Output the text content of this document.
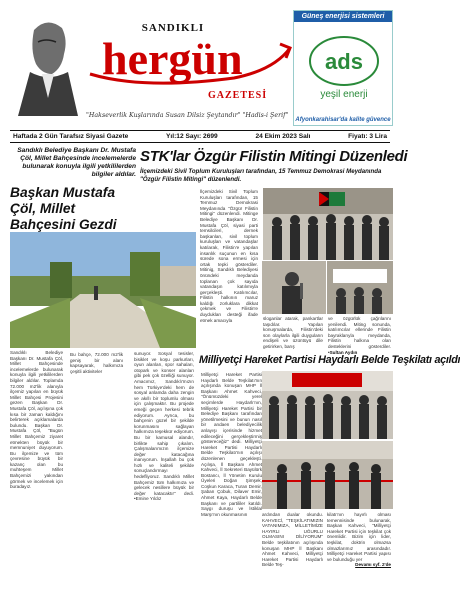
SANDIKLI
hergün
GAZETESİ
"Hakseverlik Kuşlarında Susan Dilsiz Şeytandır" "Hadis-i Şerif"
Güneş enerjisi sistemleri
ads
yeşil enerji
Afyonkarahisar'da kalite güvence
Haftada 2 Gün Tarafsız Siyasi Gazete	Yıl:12 Sayı: 2699	24 Ekim 2023 Salı	Fiyatı: 3 Lira
Sandıklı Belediye Başkanı Dr. Mustafa Çöl, Millet Bahçesinde incelemelerde bulunarak konuyla ilgili yetkililerden bilgiler aldılar.
Başkan Mustafa Çöl, Millet Bahçesini Gezdi
Sandıklı Belediye Başkanı Dr. Mustafa Çöl, Millet Bahçesinde incelemelerde bulunarak konuyla ilgili yetkililerden bilgiler aldılar. Toplamda 72.000 m2'lik alanıyla ilçemiz yapılan en büyük Millet Bahçesi Projesini gezen Başkan Dr. Mustafa Çöl, açılışına çok kısa bir zaman kaldığını belirterek açıklamalarda bulundu. Başkan Dr. Mustafa Çöl, "Bugün Millet Bahçemiz ziyaret etmekten büyük bir memnuniyet duyuyorum. Bu ilçemize ve tüm çevresine büyük bir kazanç olan bu muhteşem Millet Bahçemizi yakından görmek ve incelemek için buradayız.
Bu bahçe, 72.000 m2'lik geniş bir alanı kapsayarak, halkımıza çeşitli aktiviteler
sunuyor. Sosyal tesisler, bisiklet ve koşu parkurları, oyun alanları, spor sahaları, otopark ve konser alanları gibi pek çok özelliği sunuyor. Amacımız, Sandıklı'mızın hem Türkiye'deki hem de sosyal anlamda daha zengin ve akıllı bir toplumlu olması için çalışmaktır. Bu projede emeği geçen herkesi tebrik ediyorum. Ayrıca, bu bahçenin güzel bir şekilde korunmasını sağlayan halkımıza teşekkür ediyorum. Bu bir kamusal alandır, birlikte sahip çıkalım. Çalışmalarımızın ilçemize değer katacağına inanıyorum. İnşallah bu çok hızlı ve kaliteli şekilde sonuçlandırmayı hedefliyoruz. Sandıklı Millet Bahçemiz tüm halkımıza ve gelecek nesillere büyük bir değer katacaktır" dedi. •Emine Yıldız
STK'lar Özgür Filistin Mitingi Düzenledi
İlçemizdeki Sivil Toplum Kuruluşları tarafından, 15 Temmuz Demokrasi Meydanında "Özgür Filistin Mitingi" düzenlendi.
İlçemizdeki Sivil Toplum Kuruluşları tarafından, 15 Temmuz Demokrasi Meydanında "Özgür Filistin Mitingi" düzenlendi. Mitinge Belediye Başkanı Dr. Mustafa Çöl, siyasi parti temsilcileri, dernek başkanları, sivil toplum kuruluşları ve vatandaşlar katılarak, Filistin'e yapılan insanlık suçunun en kısa sürede sona ermesi için ortak tepki gösterdiler. Mitinig, Sandıklı Belediyesi önündeki meydanda toplanan çok sayıda vatandaşın katılımıyla gerçekleşti. Katılımcılar, Filistin halkının maruz kaldığı zorluklara dikkat çekmek ve Filistin'e duydukları desteği ifade etmek amacıyla	sloganlar atarak, pankartlar taşıdılar. Yapılan konuşmalarda, Filistin'deki son olaylarla ilgili duyguların endişeli ve üzüntüyü dile getirirken, barış
ve özgürlük çağrılarını yenilendi. Miting sonunda, katılımcılar ellerinde Filistin bayraklarıyla meydanda, Filistin halkına olan desteklerini gösterdiler. •Sultan Aydın
Milliyetçi Hareket Partisi Haydarlı Belde Teşkilatı açıldı
Milliyetçi Hareket Partisi Haydarlı Belde Teşkilatı'nın açılışında konuşan MHP İl Başkanı Ahmet Kahveci, "Önümüzdeki yerel seçimlerde Haydarlı'nın, Milliyetçi Hareket Partisi bir Belediye Başkanı tarafından yönetilmesini ve bunun nasıl bir andaen belediyecilik anlayışı içerisinde hizmet edileceğini gerçekleştirmiş göstereceğiz" dedi. Milliyetçi Hareket Partisi Haydarlı Belde Teşkilatı'nın açılışı düzenlenen geçekleşti. Açılışa, İl Başkanı Ahmet Kahveci, İl Sekreteri Bayülürk Bostancı, İl Yönetim Kurulu Üyeleri Doğan Şimşek, Coşkun Karaca, Turan Demir, Şaban Çobuk, Dilaver Emir, Ahmet Kaya, Haydarlı Belde Başkanı ve partililer katıldı. Saygı duruşu ve İstiklal Marşı'nın okunmasının	ardından dualar okundu. KAHVECİ, "TEŞKİLATIMIZIN VATANIMIZA, MİLLETİMİZE HAYIRLI UĞURLU OLMASINI DİLİYORUM" Belde teşkilatının açılışında konuşan MHP İl Başkanı Ahmet Kahveci, Milliyetçi Hareket Partisi Haydarlı Belde Teş-
kilatı'nın hayırlı olması temennisinde bulunarak, Başkan Kahveci, "Milliyetçi Hareket Partisi için teşkilat çok önemlidir. Bizim için lider, teşkilat, doktrin olmazsa olmazlarımız arasındadır. Milliyetçi Hareket Partisi yapısı ve bulunduğu yer
Devamı syf. 2'de
